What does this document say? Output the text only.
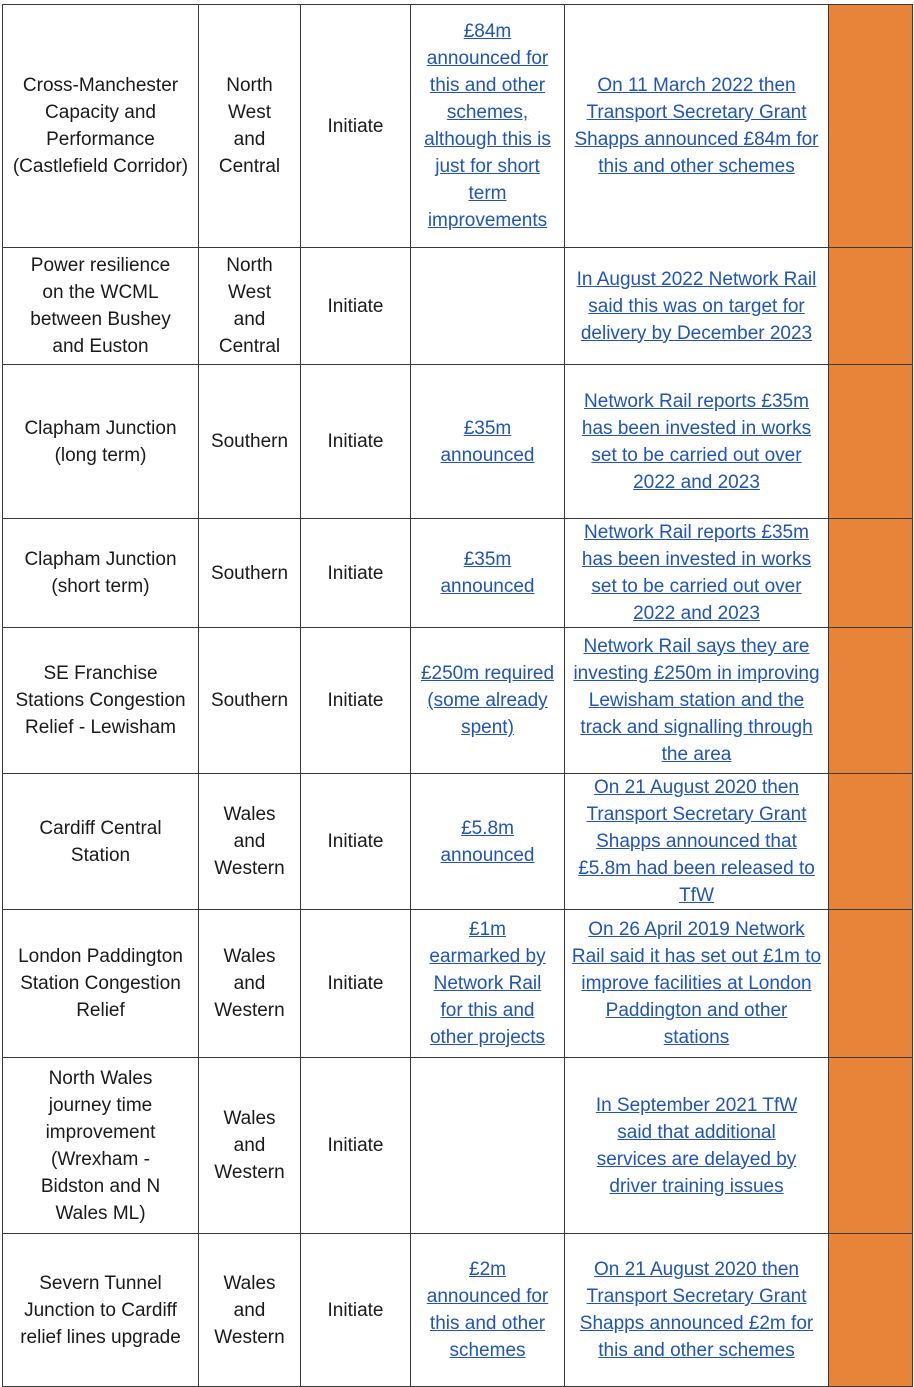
Cross-Manchester Capacity and Performance (Castlefield Corridor)	North West and Central	Initiate	£84m announced for this and other schemes, although this is just for short term improvements	On 11 March 2022 then Transport Secretary Grant Shapps announced £84m for this and other schemes	
Power resilience on the WCML between Bushey and Euston	North West and Central	Initiate		In August 2022 Network Rail said this was on target for delivery by December 2023	
Clapham Junction (long term)	Southern	Initiate	£35m announced	Network Rail reports £35m has been invested in works set to be carried out over 2022 and 2023	
Clapham Junction (short term)	Southern	Initiate	£35m announced	Network Rail reports £35m has been invested in works set to be carried out over 2022 and 2023	
SE Franchise Stations Congestion Relief - Lewisham	Southern	Initiate	£250m required (some already spent)	Network Rail says they are investing £250m in improving Lewisham station and the track and signalling through the area	
Cardiff Central Station	Wales and Western	Initiate	£5.8m announced	On 21 August 2020 then Transport Secretary Grant Shapps announced that £5.8m had been released to TfW	
London Paddington Station Congestion Relief	Wales and Western	Initiate	£1m earmarked by Network Rail for this and other projects	On 26 April 2019 Network Rail said it has set out £1m to improve facilities at London Paddington and other stations	
North Wales journey time improvement (Wrexham - Bidston and N Wales ML)	Wales and Western	Initiate		In September 2021 TfW said that additional services are delayed by driver training issues	
Severn Tunnel Junction to Cardiff relief lines upgrade	Wales and Western	Initiate	£2m announced for this and other schemes	On 21 August 2020 then Transport Secretary Grant Shapps announced £2m for this and other schemes	
